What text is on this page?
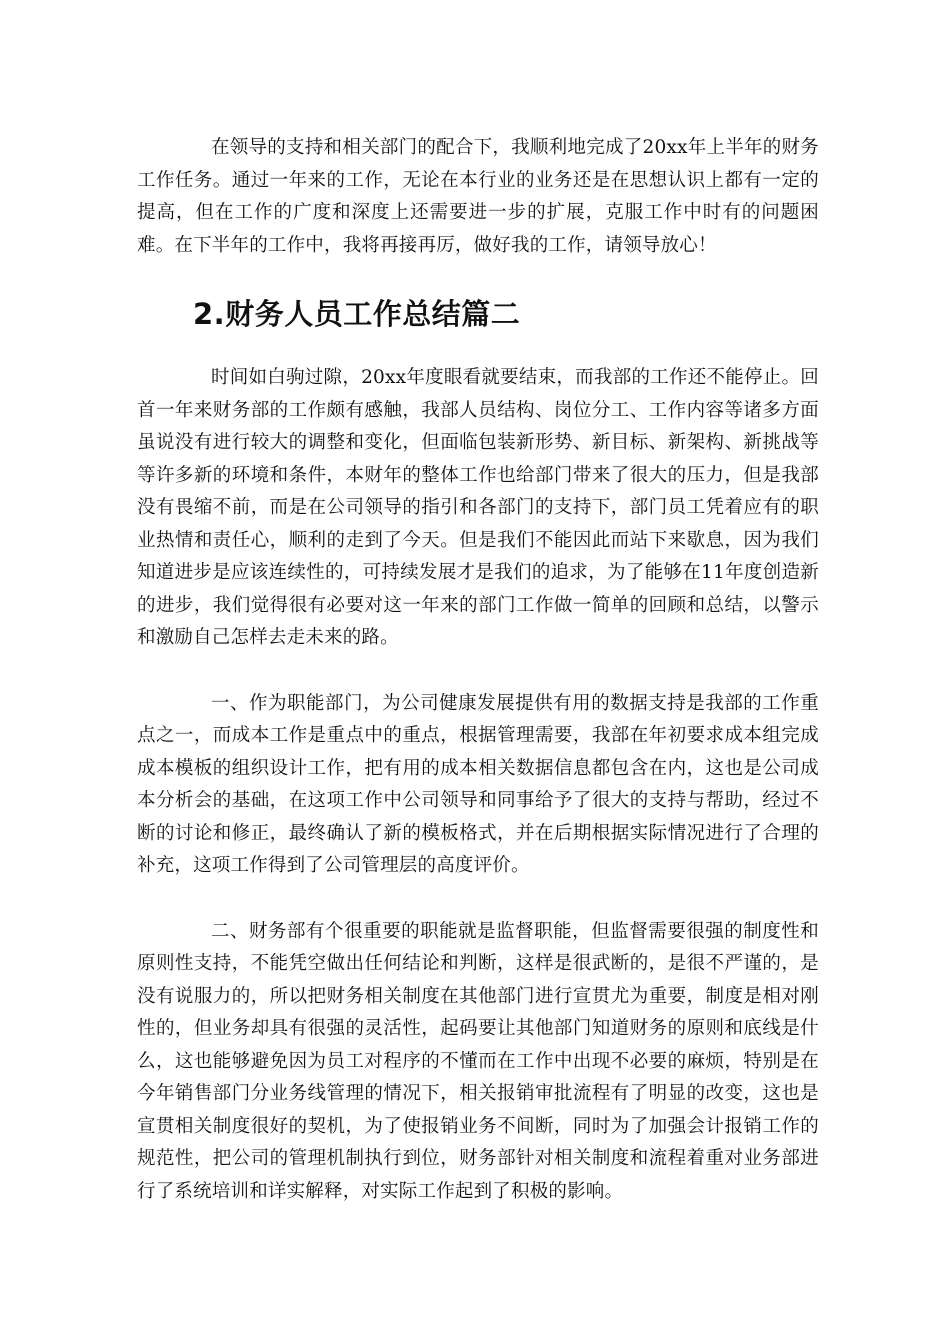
在领导的支持和相关部门的配合下，我顺利地完成了20xx年上半年的财务工作任务。通过一年来的工作，无论在本行业的业务还是在思想认识上都有一定的提高，但在工作的广度和深度上还需要进一步的扩展，克服工作中时有的问题困难。在下半年的工作中，我将再接再厉，做好我的工作，请领导放心！

2.财务人员工作总结篇二

时间如白驹过隙，20xx年度眼看就要结束，而我部的工作还不能停止。回首一年来财务部的工作颇有感触，我部人员结构、岗位分工、工作内容等诸多方面虽说没有进行较大的调整和变化，但面临包装新形势、新目标、新架构、新挑战等等许多新的环境和条件，本财年的整体工作也给部门带来了很大的压力，但是我部没有畏缩不前，而是在公司领导的指引和各部门的支持下，部门员工凭着应有的职业热情和责任心，顺利的走到了今天。但是我们不能因此而站下来歇息，因为我们知道进步是应该连续性的，可持续发展才是我们的追求，为了能够在11年度创造新的进步，我们觉得很有必要对这一年来的部门工作做一简单的回顾和总结，以警示和激励自己怎样去走未来的路。

一、作为职能部门，为公司健康发展提供有用的数据支持是我部的工作重点之一，而成本工作是重点中的重点，根据管理需要，我部在年初要求成本组完成成本模板的组织设计工作，把有用的成本相关数据信息都包含在内，这也是公司成本分析会的基础，在这项工作中公司领导和同事给予了很大的支持与帮助，经过不断的讨论和修正，最终确认了新的模板格式，并在后期根据实际情况进行了合理的补充，这项工作得到了公司管理层的高度评价。

二、财务部有个很重要的职能就是监督职能，但监督需要很强的制度性和原则性支持，不能凭空做出任何结论和判断，这样是很武断的，是很不严谨的，是没有说服力的，所以把财务相关制度在其他部门进行宣贯尤为重要，制度是相对刚性的，但业务却具有很强的灵活性，起码要让其他部门知道财务的原则和底线是什么，这也能够避免因为员工对程序的不懂而在工作中出现不必要的麻烦，特别是在今年销售部门分业务线管理的情况下，相关报销审批流程有了明显的改变，这也是宣贯相关制度很好的契机，为了使报销业务不间断，同时为了加强会计报销工作的规范性，把公司的管理机制执行到位，财务部针对相关制度和流程着重对业务部进行了系统培训和详实解释，对实际工作起到了积极的影响。
